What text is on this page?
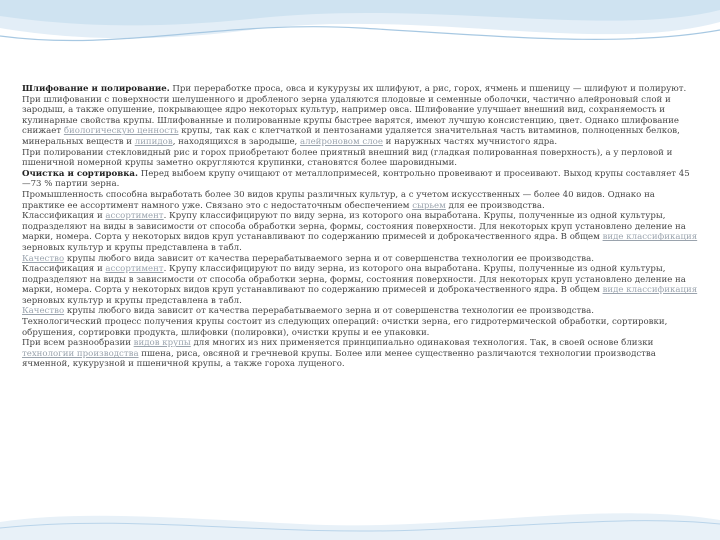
Шлифование и полирование. При переработке проса, овса и кукурузы их шлифуют, а рис, горох, ячмень и пшеницу — шлифуют и полируют.

При шлифовании с поверхности шелушенного и дробленого зерна удаляются плодовые и семенные оболочки, частично алейроновый слой и зародыш, а также опушение, покрывающее ядро некоторых культур, например овса. Шлифование улучшает внешний вид, сохраняемость и кулинарные свойства крупы. Шлифованные и полированные крупы быстрее варятся, имеют лучшую консистенцию, цвет. Однако шлифование снижает биологическую ценность крупы, так как с клетчаткой и пентозанами удаляется значительная часть витаминов, полноценных белков, минеральных веществ и липидов, находящихся в зародыше, алейроновом слое и наружных частях мучнистого ядра.

При полировании стекловидный рис и горох приобретают более приятный внешний вид (гладкая полированная поверхность), а у перловой и пшеничной номерной крупы заметно округляются крупинки, становятся более шаровидными.

Очистка и сортировка. Перед выбоем крупу очищают от металлопримесей, контрольно провеивают и просеивают. Выход крупы составляет 45—73 % партии зерна.

Промышленность способна выработать более 30 видов крупы различных культур, а с учетом искусственных — более 40 видов. Однако на практике ее ассортимент намного уже. Связано это с недостаточным обеспечением сырьем для ее производства.

Классификация и ассортимент. Крупу классифицируют по виду зерна, из которого она выработана. Крупы, полученные из одной культуры, подразделяют на виды в зависимости от способа обработки зерна, формы, состояния поверхности. Для некоторых круп установлено деление на марки, номера. Сорта у некоторых видов круп устанавливают по содержанию примесей и доброкачественного ядра. В общем виде классификация зерновых культур и крупы представлена в табл.

Качество крупы любого вида зависит от качества перерабатываемого зерна и от совершенства технологии ее производства.

Классификация и ассортимент. Крупу классифицируют по виду зерна, из которого она выработана. Крупы, полученные из одной культуры, подразделяют на виды в зависимости от способа обработки зерна, формы, состояния поверхности. Для некоторых круп установлено деление на марки, номера. Сорта у некоторых видов круп устанавливают по содержанию примесей и доброкачественного ядра. В общем виде классификация зерновых культур и крупы представлена в табл.

Качество крупы любого вида зависит от качества перерабатываемого зерна и от совершенства технологии ее производства.

Технологический процесс получения крупы состоит из следующих операций: очистки зерна, его гидротермической обработки, сортировки, обрушения, сортировки продукта, шлифовки (полировки), очистки крупы и ее упаковки.

При всем разнообразии видов крупы для многих из них применяется принципиально одинаковая технология. Так, в своей основе близки технологии производства пшена, риса, овсяной и гречневой крупы. Более или менее существенно различаются технологии производства ячменной, кукурузной и пшеничной крупы, а также гороха лущеного.
